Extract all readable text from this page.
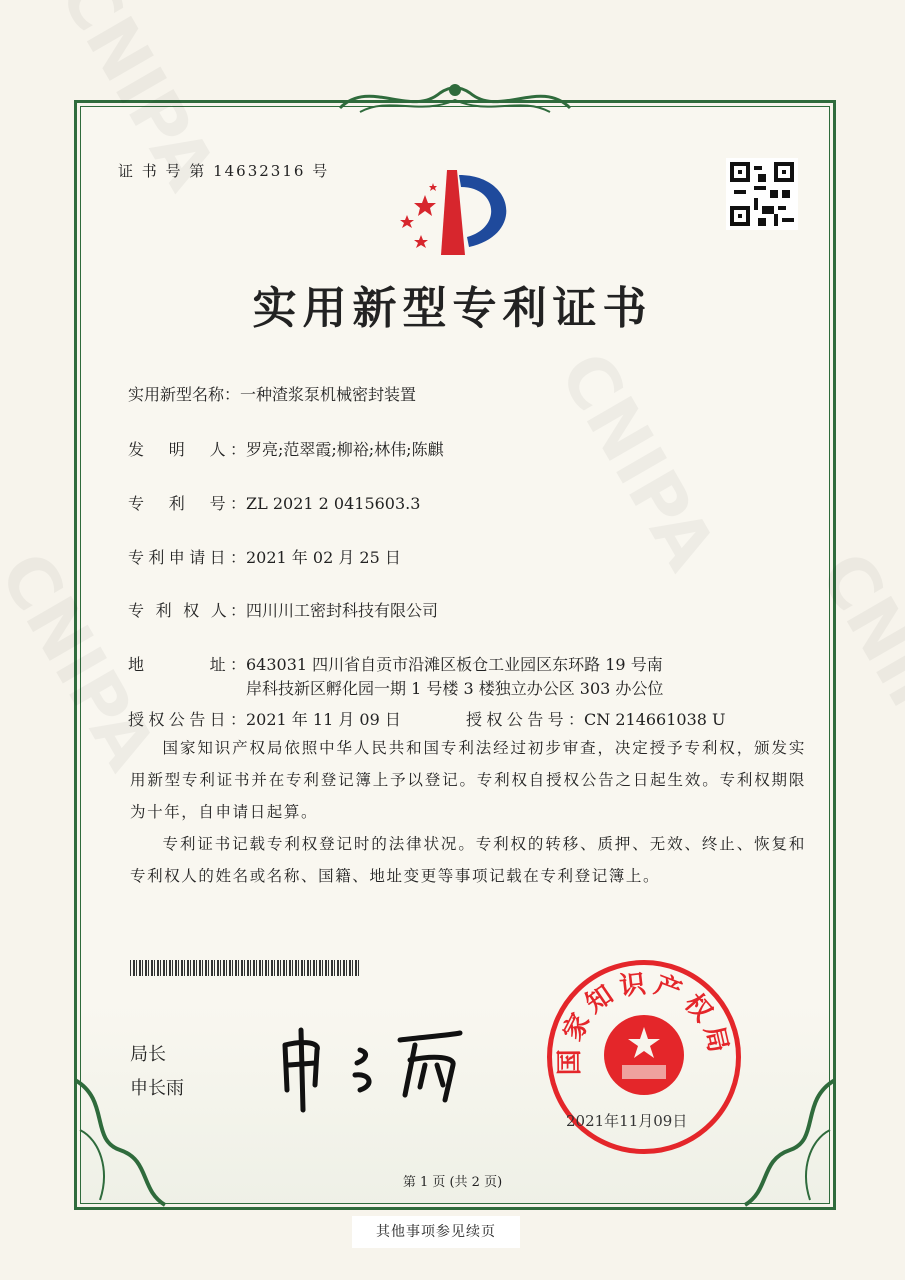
证 书 号 第 14632316 号
实用新型专利证书
实用新型名称：一种渣浆泵机械密封装置
发　明　人：罗亮;范翠霞;柳裕;林伟;陈麒
专　利　号：ZL 2021 2 0415603.3
专利申请日：2021 年 02 月 25 日
专 利 权 人：四川川工密封科技有限公司
地　　　址：643031 四川省自贡市沿滩区板仓工业园区东环路 19 号南
岸科技新区孵化园一期 1 号楼 3 楼独立办公区 303 办公位
授权公告日：2021 年 11 月 09 日	授权公告号：CN 214661038 U
国家知识产权局依照中华人民共和国专利法经过初步审查，决定授予专利权，颁发实用新型专利证书并在专利登记簿上予以登记。专利权自授权公告之日起生效。专利权期限为十年，自申请日起算。
专利证书记载专利权登记时的法律状况。专利权的转移、质押、无效、终止、恢复和专利权人的姓名或名称、国籍、地址变更等事项记载在专利登记簿上。
局长
申长雨
国家知识产权局
2021年11月09日
第 1 页 (共 2 页)
其他事项参见续页
